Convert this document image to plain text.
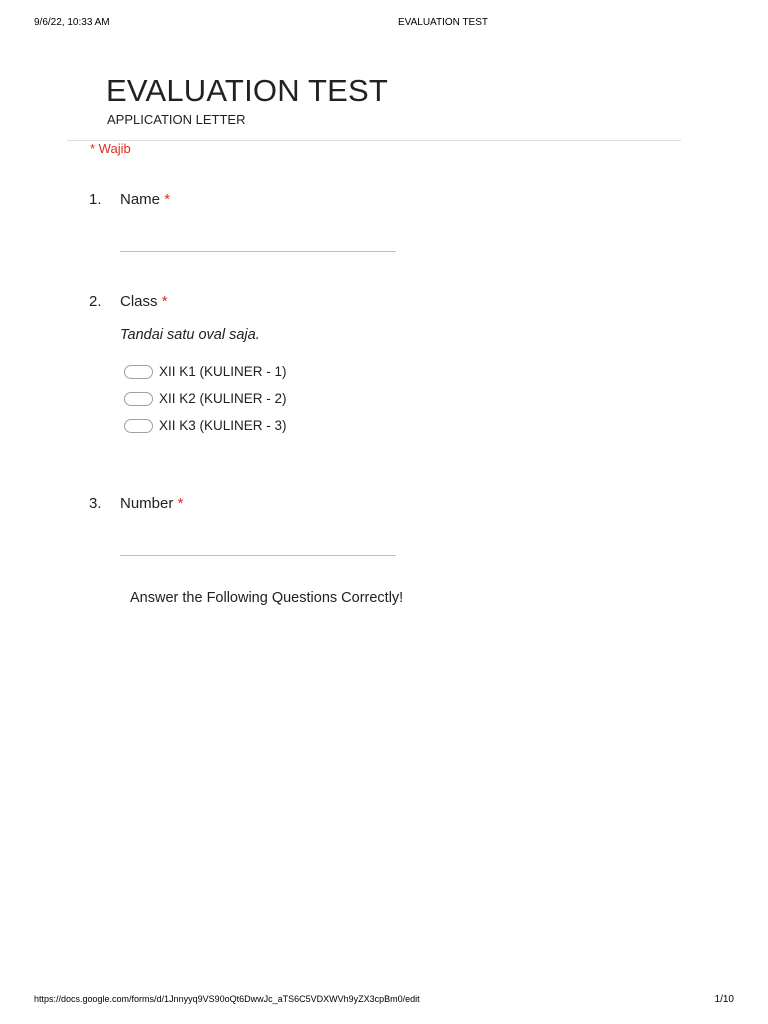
9/6/22, 10:33 AM	EVALUATION TEST
EVALUATION TEST
APPLICATION LETTER
* Wajib
1. Name *
2. Class *
Tandai satu oval saja.
XII K1 (KULINER - 1)
XII K2 (KULINER - 2)
XII K3 (KULINER - 3)
3. Number *
Answer the Following Questions Correctly!
https://docs.google.com/forms/d/1Jnnyyq9VS90oQt6DwwJc_aTS6C5VDXWVh9yZX3cpBm0/edit	1/10
